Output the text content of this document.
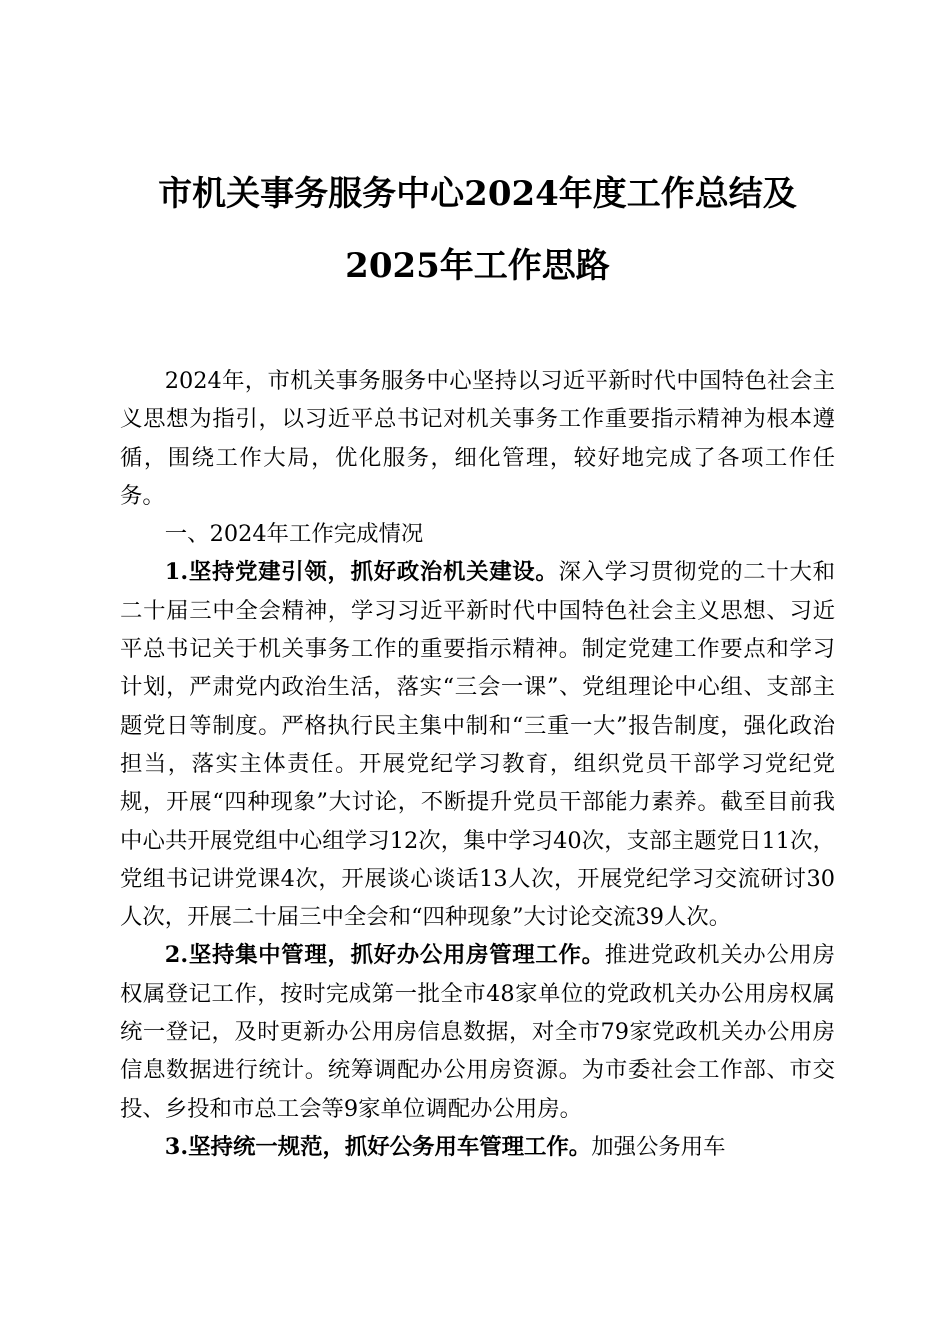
市机关事务服务中心2024年度工作总结及
2025年工作思路

2024年，市机关事务服务中心坚持以习近平新时代中国特色社会主义思想为指引，以习近平总书记对机关事务工作重要指示精神为根本遵循，围绕工作大局，优化服务，细化管理，较好地完成了各项工作任务。

一、2024年工作完成情况

1.坚持党建引领，抓好政治机关建设。深入学习贯彻党的二十大和二十届三中全会精神，学习习近平新时代中国特色社会主义思想、习近平总书记关于机关事务工作的重要指示精神。制定党建工作要点和学习计划，严肃党内政治生活，落实“三会一课”、党组理论中心组、支部主题党日等制度。严格执行民主集中制和“三重一大”报告制度，强化政治担当，落实主体责任。开展党纪学习教育，组织党员干部学习党纪党规，开展“四种现象”大讨论，不断提升党员干部能力素养。截至目前我中心共开展党组中心组学习12次，集中学习40次，支部主题党日11次，党组书记讲党课4次，开展谈心谈话13人次，开展党纪学习交流研讨30人次，开展二十届三中全会和“四种现象”大讨论交流39人次。

2.坚持集中管理，抓好办公用房管理工作。推进党政机关办公用房权属登记工作，按时完成第一批全市48家单位的党政机关办公用房权属统一登记，及时更新办公用房信息数据，对全市79家党政机关办公用房信息数据进行统计。统筹调配办公用房资源。为市委社会工作部、市交投、乡投和市总工会等9家单位调配办公用房。

3.坚持统一规范，抓好公务用车管理工作。加强公务用车
